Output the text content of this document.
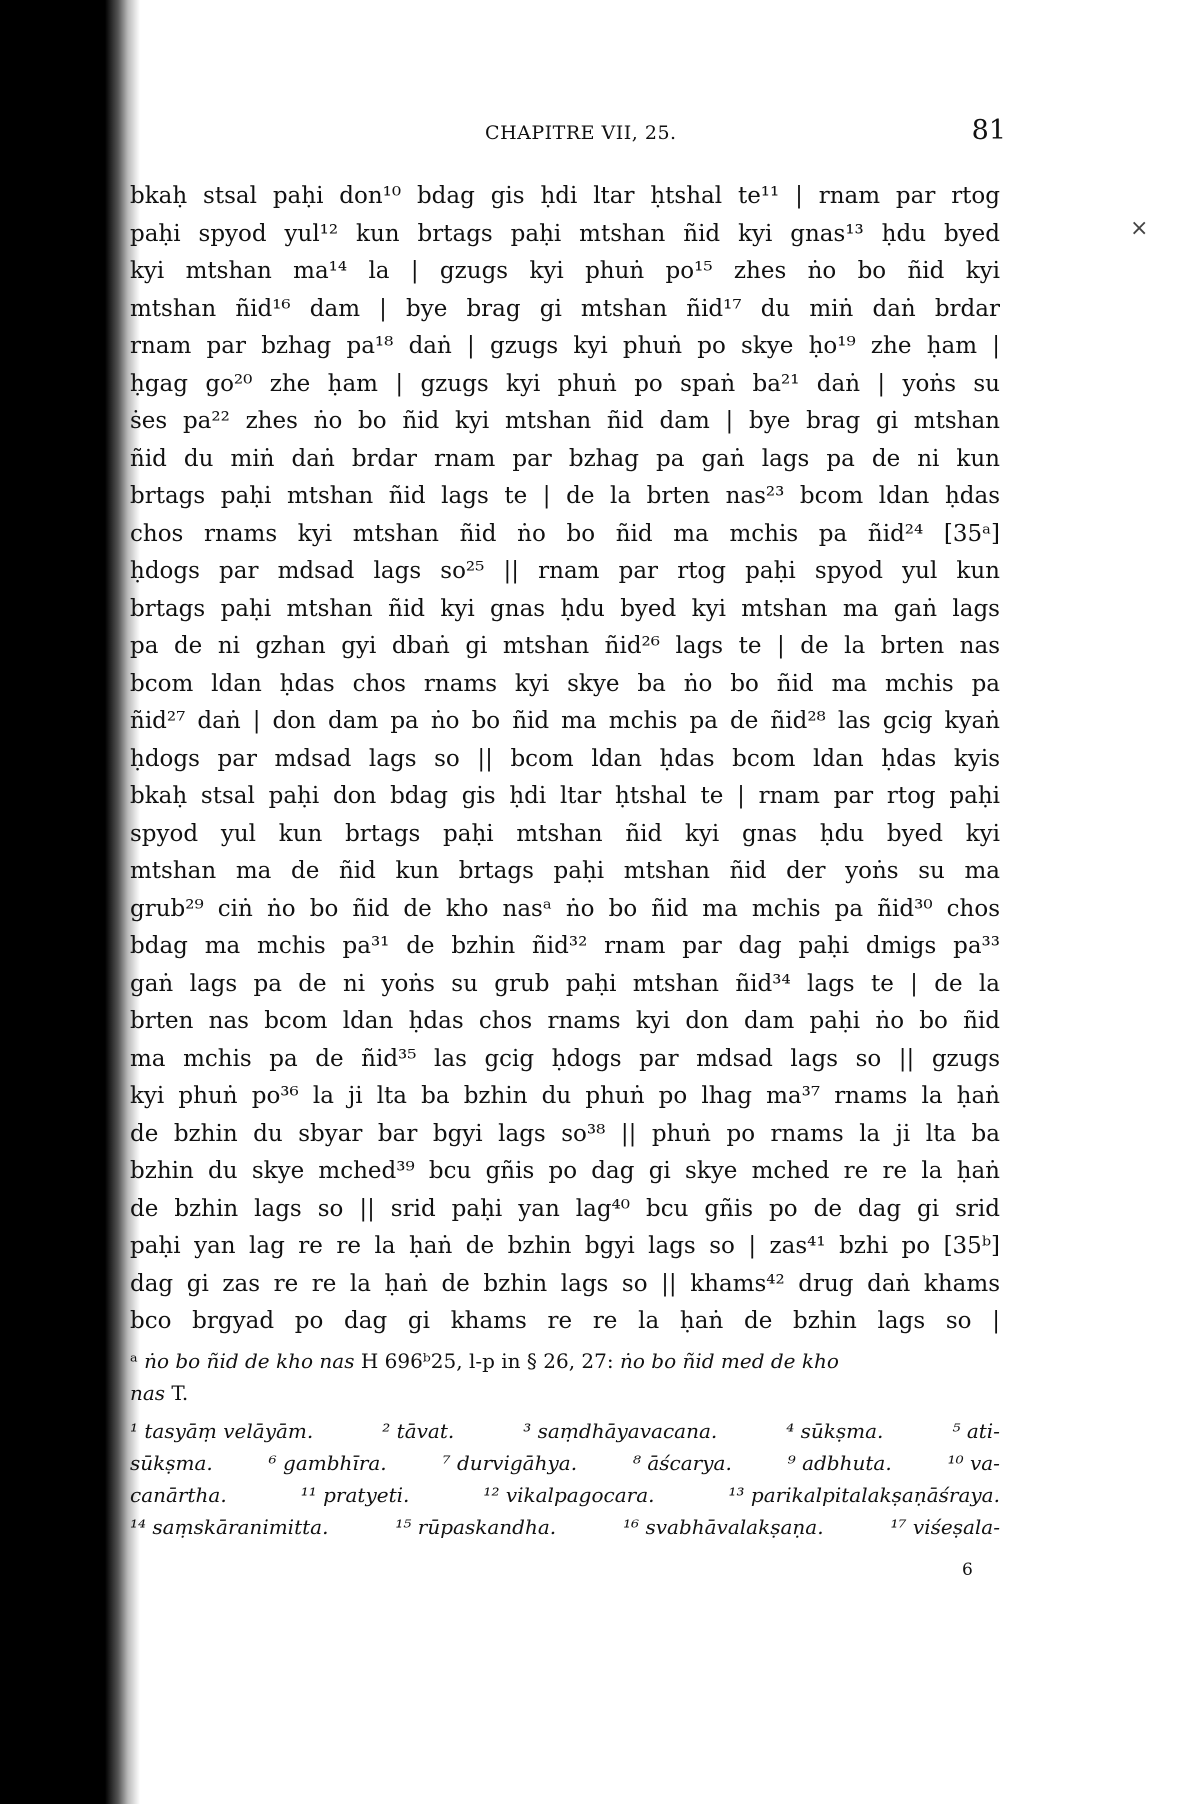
×
CHAPITRE VII, 25.	81
bkaḥ stsal paḥi don¹⁰ bdag gis ḥdi ltar ḥtshal te¹¹ | rnam par rtog
paḥi spyod yul¹² kun brtags paḥi mtshan ñid kyi gnas¹³ ḥdu byed
kyi mtshan ma¹⁴ la | gzugs kyi phuṅ po¹⁵ zhes ṅo bo ñid kyi
mtshan ñid¹⁶ dam | bye brag gi mtshan ñid¹⁷ du miṅ daṅ brdar
rnam par bzhag pa¹⁸ daṅ | gzugs kyi phuṅ po skye ḥo¹⁹ zhe ḥam |
ḥgag go²⁰ zhe ḥam | gzugs kyi phuṅ po spaṅ ba²¹ daṅ | yoṅs su
ṡes pa²² zhes ṅo bo ñid kyi mtshan ñid dam | bye brag gi mtshan
ñid du miṅ daṅ brdar rnam par bzhag pa gaṅ lags pa de ni kun
brtags paḥi mtshan ñid lags te | de la brten nas²³ bcom ldan ḥdas
chos rnams kyi mtshan ñid ṅo bo ñid ma mchis pa ñid²⁴ [35ᵃ]
ḥdogs par mdsad lags so²⁵ || rnam par rtog paḥi spyod yul kun
brtags paḥi mtshan ñid kyi gnas ḥdu byed kyi mtshan ma gaṅ lags
pa de ni gzhan gyi dbaṅ gi mtshan ñid²⁶ lags te | de la brten nas
bcom ldan ḥdas chos rnams kyi skye ba ṅo bo ñid ma mchis pa
ñid²⁷ daṅ | don dam pa ṅo bo ñid ma mchis pa de ñid²⁸ las gcig kyaṅ
ḥdogs par mdsad lags so || bcom ldan ḥdas bcom ldan ḥdas kyis
bkaḥ stsal paḥi don bdag gis ḥdi ltar ḥtshal te | rnam par rtog paḥi
spyod yul kun brtags paḥi mtshan ñid kyi gnas ḥdu byed kyi
mtshan ma de ñid kun brtags paḥi mtshan ñid der yoṅs su ma
grub²⁹ ciṅ ṅo bo ñid de kho nasᵃ ṅo bo ñid ma mchis pa ñid³⁰ chos
bdag ma mchis pa³¹ de bzhin ñid³² rnam par dag paḥi dmigs pa³³
gaṅ lags pa de ni yoṅs su grub paḥi mtshan ñid³⁴ lags te | de la
brten nas bcom ldan ḥdas chos rnams kyi don dam paḥi ṅo bo ñid
ma mchis pa de ñid³⁵ las gcig ḥdogs par mdsad lags so || gzugs
kyi phuṅ po³⁶ la ji lta ba bzhin du phuṅ po lhag ma³⁷ rnams la ḥaṅ
de bzhin du sbyar bar bgyi lags so³⁸ || phuṅ po rnams la ji lta ba
bzhin du skye mched³⁹ bcu gñis po dag gi skye mched re re la ḥaṅ
de bzhin lags so || srid paḥi yan lag⁴⁰ bcu gñis po de dag gi srid
paḥi yan lag re re la ḥaṅ de bzhin bgyi lags so | zas⁴¹ bzhi po [35ᵇ]
dag gi zas re re la ḥaṅ de bzhin lags so || khams⁴² drug daṅ khams
bco brgyad po dag gi khams re re la ḥaṅ de bzhin lags so |
ᵃ ṅo bo ñid de kho nas H 696ᵇ25, l-p in § 26, 27: ṅo bo ñid med de kho
nas T.
¹ tasyāṃ velāyām.	² tāvat.	³ saṃdhāyavacana.	⁴ sūkṣma.	⁵ ati-
sūkṣma.	⁶ gambhīra.	⁷ durvigāhya.	⁸ āścarya.	⁹ adbhuta.	¹⁰ va-
canārtha.	¹¹ pratyeti.	¹² vikalpagocara.	¹³ parikalpitalakṣaṇāśraya.
¹⁴ saṃskāranimitta.	¹⁵ rūpaskandha.	¹⁶ svabhāvalakṣaṇa.	¹⁷ viśeṣala-
6
